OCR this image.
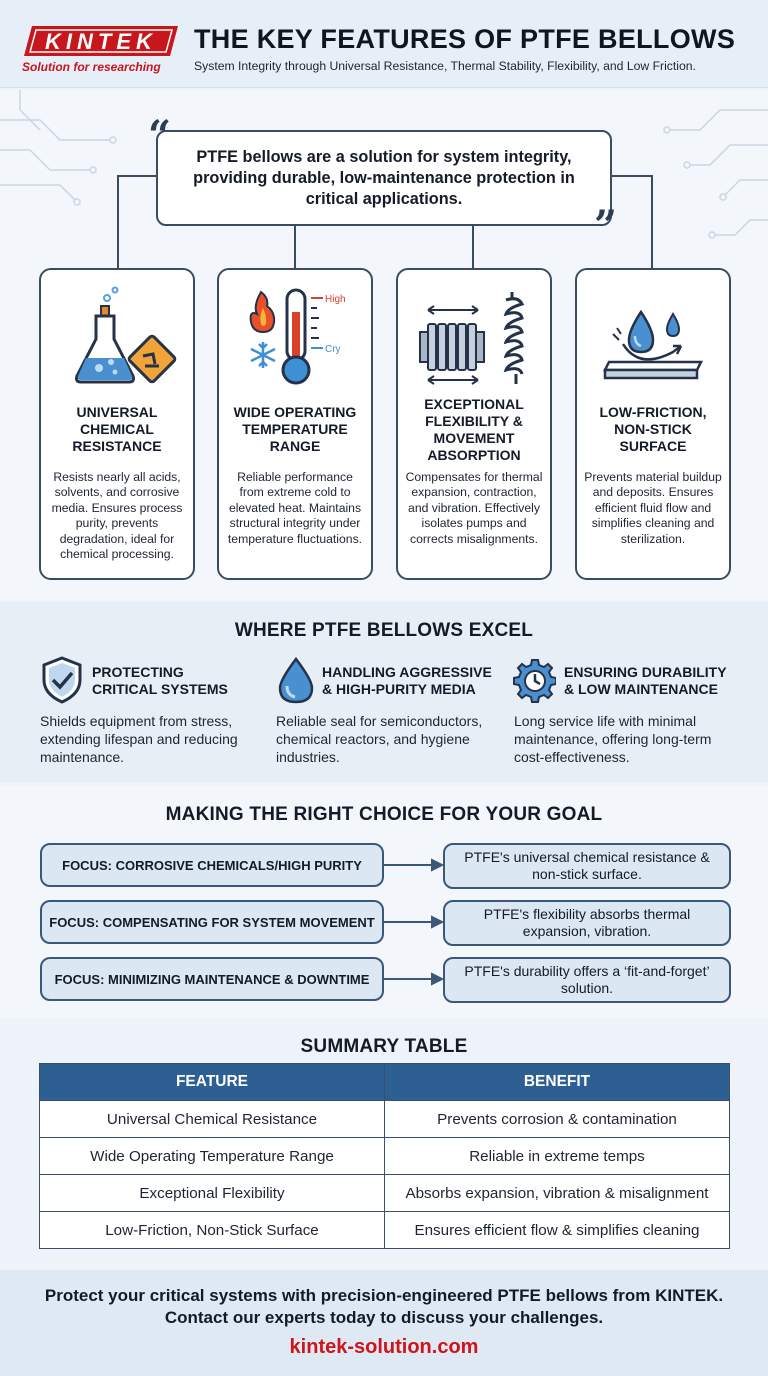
KINTEK
Solution for researching
THE KEY FEATURES OF PTFE BELLOWS
System Integrity through Universal Resistance, Thermal Stability, Flexibility, and Low Friction.
PTFE bellows are a solution for system integrity, providing durable, low-maintenance protection in critical applications.
“
”
UNIVERSAL CHEMICAL RESISTANCE
Resists nearly all acids, solvents, and corrosive media. Ensures process purity, prevents degradation, ideal for chemical processing.
High
Cry
WIDE OPERATING TEMPERATURE RANGE
Reliable performance from extreme cold to elevated heat. Maintains structural integrity under temperature fluctuations.
EXCEPTIONAL FLEXIBILITY & MOVEMENT ABSORPTION
Compensates for thermal expansion, contraction, and vibration. Effectively isolates pumps and corrects misalignments.
LOW-FRICTION, NON-STICK SURFACE
Prevents material buildup and deposits. Ensures efficient fluid flow and simplifies cleaning and sterilization.
WHERE PTFE BELLOWS EXCEL
PROTECTING
CRITICAL SYSTEMS
Shields equipment from stress, extending lifespan and reducing maintenance.
HANDLING AGGRESSIVE
& HIGH-PURITY MEDIA
Reliable seal for semiconductors, chemical reactors, and hygiene industries.
ENSURING DURABILITY
& LOW MAINTENANCE
Long service life with minimal maintenance, offering long-term cost-effectiveness.
MAKING THE RIGHT CHOICE FOR YOUR GOAL
FOCUS: CORROSIVE CHEMICALS/HIGH PURITY	PTFE's universal chemical resistance & non-stick surface.
FOCUS: COMPENSATING FOR SYSTEM MOVEMENT	PTFE's flexibility absorbs thermal expansion, vibration.
FOCUS: MINIMIZING MAINTENANCE & DOWNTIME	PTFE's durability offers a ‘fit-and-forget’ solution.
SUMMARY TABLE
FEATURE	BENEFIT
Universal Chemical Resistance	Prevents corrosion & contamination
Wide Operating Temperature Range	Reliable in extreme temps
Exceptional Flexibility	Absorbs expansion, vibration & misalignment
Low-Friction, Non-Stick Surface	Ensures efficient flow & simplifies cleaning
Protect your critical systems with precision-engineered PTFE bellows from KINTEK. Contact our experts today to discuss your challenges.
kintek-solution.com
